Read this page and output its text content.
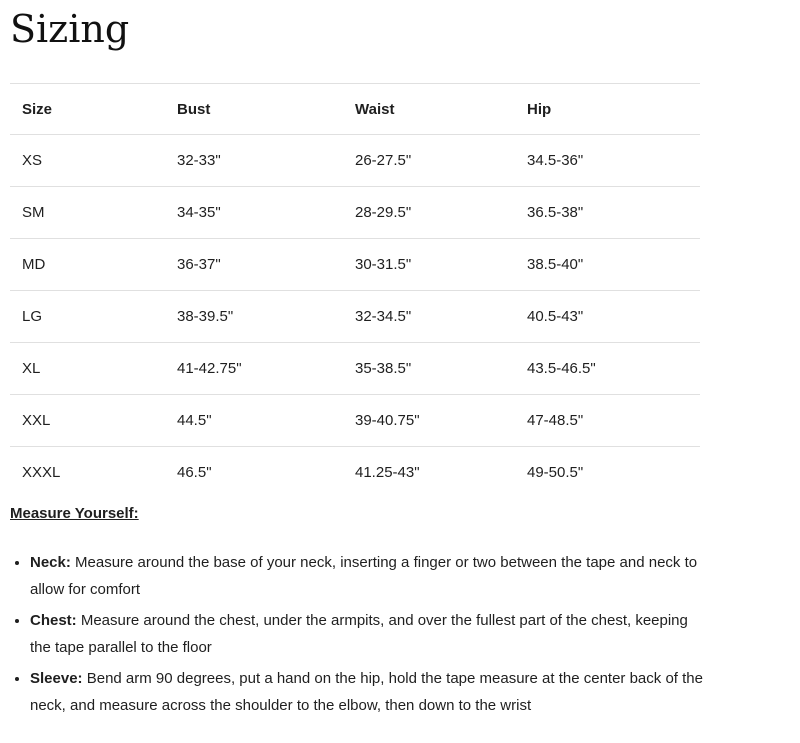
Sizing
Size	Bust	Waist	Hip
XS	32-33"	26-27.5"	34.5-36"
SM	34-35"	28-29.5"	36.5-38"
MD	36-37"	30-31.5"	38.5-40"
LG	38-39.5"	32-34.5"	40.5-43"
XL	41-42.75"	35-38.5"	43.5-46.5"
XXL	44.5"	39-40.75"	47-48.5"
XXXL	46.5"	41.25-43"	49-50.5"
Measure Yourself:
• Neck: Measure around the base of your neck, inserting a finger or two between the tape and neck to allow for comfort
• Chest: Measure around the chest, under the armpits, and over the fullest part of the chest, keeping the tape parallel to the floor
• Sleeve: Bend arm 90 degrees, put a hand on the hip, hold the tape measure at the center back of the neck, and measure across the shoulder to the elbow, then down to the wrist
